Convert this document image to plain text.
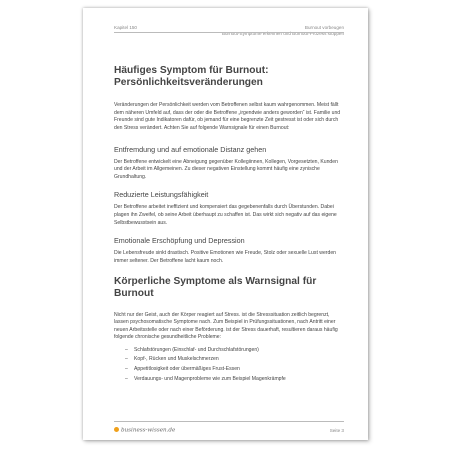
Kapitel 150	Burnout vorbeugen
Burnout-Symptome erkennen und Burnout-Prozess stoppen
Häufiges Symptom für Burnout: Persönlichkeitsveränderungen

Veränderungen der Persönlichkeit werden vom Betroffenen selbst kaum wahrgenommen. Meist fällt dem näheren Umfeld auf, dass der oder die Betroffene „irgendwie anders geworden“ ist. Familie und Freunde sind gute Indikatoren dafür, ob jemand für eine begrenzte Zeit gestresst ist oder sich durch den Stress verändert. Achten Sie auf folgende Warnsignale für einen Burnout:

Entfremdung und auf emotionale Distanz gehen

Der Betroffene entwickelt eine Abneigung gegenüber Kollegiinnen, Kollegen, Vorgesetzten, Kunden und der Arbeit im Allgemeinen. Zu dieser negativen Einstellung kommt häufig eine zynische Grundhaltung.

Reduzierte Leistungsfähigkeit

Der Betroffene arbeitet ineffizient und kompensiert das gegebenenfalls durch Überstunden. Dabei plagen ihn Zweifel, ob seine Arbeit überhaupt zu schaffen ist. Das wirkt sich negativ auf das eigene Selbstbewusstsein aus.

Emotionale Erschöpfung und Depression

Die Lebensfreude sinkt drastisch. Positive Emotionen wie Freude, Stolz oder sexuelle Lust werden immer seltener. Der Betroffene lacht kaum noch.

Körperliche Symptome als Warnsignal für Burnout

Nicht nur der Geist, auch der Körper reagiert auf Stress. ist die Stresssituation zeitlich begrenzt, lassen psychosomatische Symptome nach. Zum Beispiel in Prüfungssituationen, nach Antritt einer neuen Arbeitsstelle oder nach einer Beförderung. ist der Stress dauerhaft, resultieren daraus häufig folgende chronische gesundheitliche Probleme:

– Schlafstörungen (Einschlaf- und Durchschlafstörungen)
– Kopf-, Rücken und Muskelschmerzen
– Appetitlosigkeit oder übermäßiges Frust-Essen
– Verdauungs- und Magenprobleme wie zum Beispiel Magenkrämpfe
business-wissen.de	Seite 3
